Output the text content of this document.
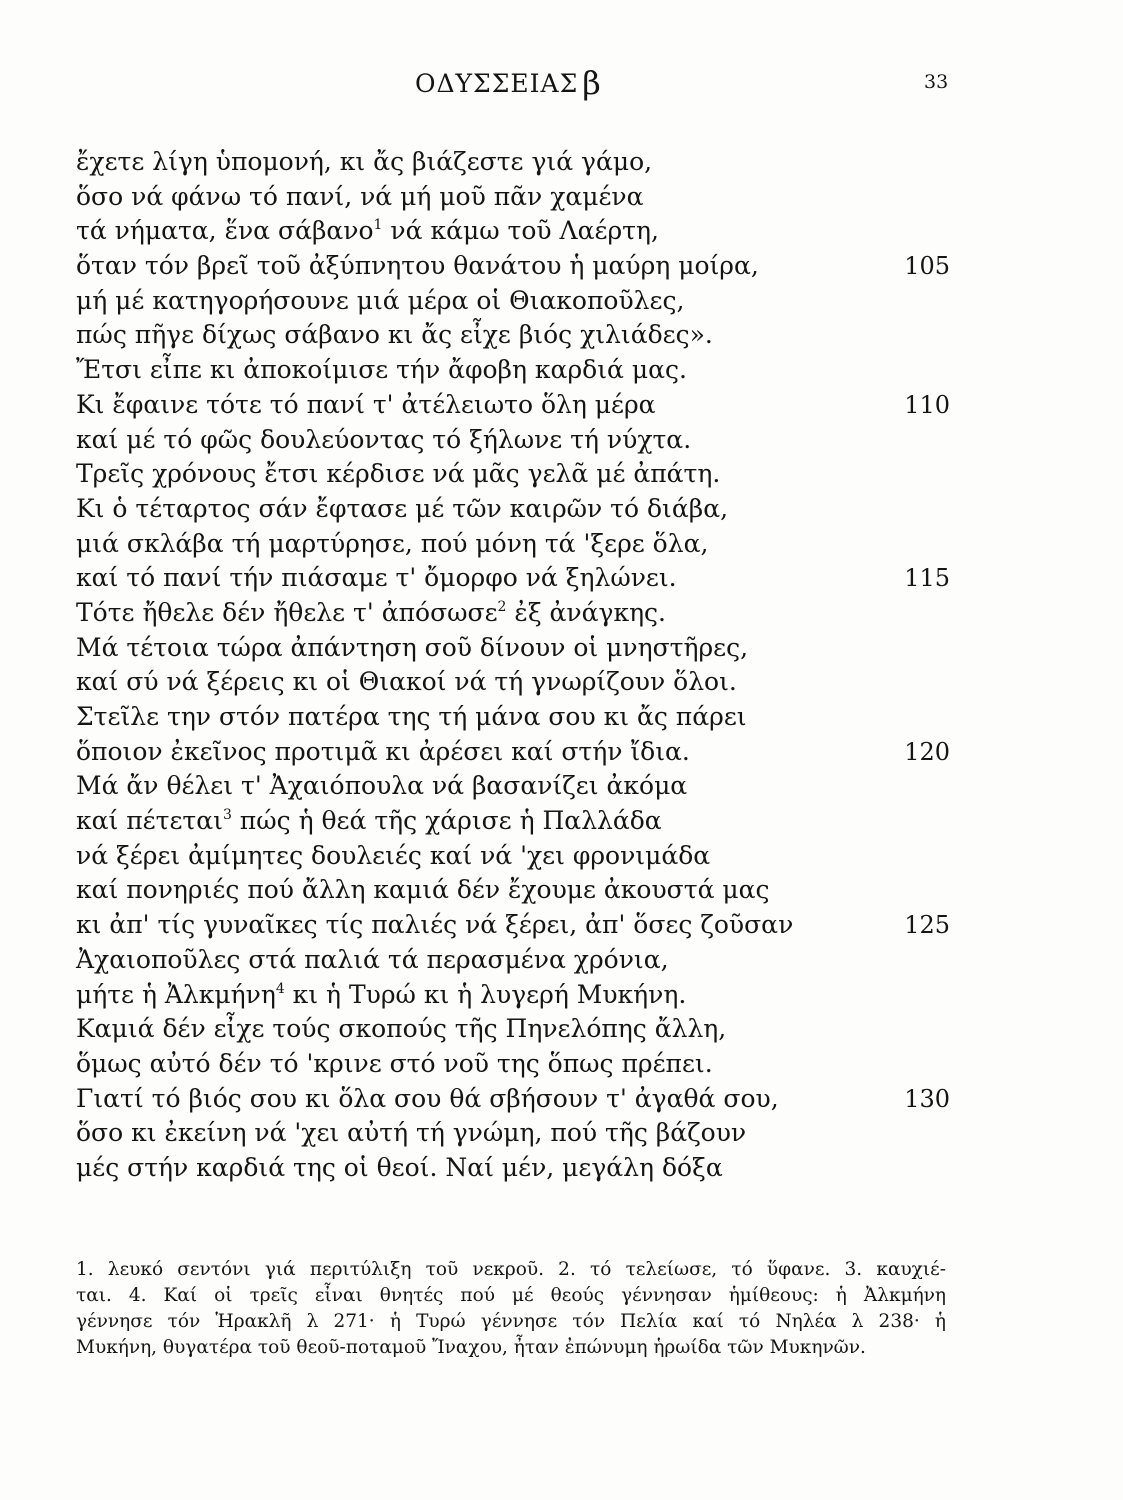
ΟΔΥΣΣΕΙΑΣ β	33
ἔχετε λίγη ὑπομονή, κι ἄς βιάζεστε γιά γάμο,
ὅσο νά φάνω τό πανί, νά μή μοῦ πᾶν χαμένα
τά νήματα, ἕνα σάβανο$^1$ νά κάμω τοῦ Λαέρτη,
ὅταν τόν βρεῖ τοῦ ἀξύπνητου θανάτου ἡ μαύρη μοίρα,	105
μή μέ κατηγορήσουνε μιά μέρα οἱ Θιακοποῦλες,
πώς πῆγε δίχως σάβανο κι ἄς εἶχε βιός χιλιάδες».
Ἔτσι εἶπε κι ἀποκοίμισε τήν ἄφοβη καρδιά μας.
Κι ἔφαινε τότε τό πανί τ' ἀτέλειωτο ὅλη μέρα	110
καί μέ τό φῶς δουλεύοντας τό ξήλωνε τή νύχτα.
Τρεῖς χρόνους ἔτσι κέρδισε νά μᾶς γελᾶ μέ ἀπάτη.
Κι ὁ τέταρτος σάν ἔφτασε μέ τῶν καιρῶν τό διάβα,
μιά σκλάβα τή μαρτύρησε, πού μόνη τά 'ξερε ὅλα,
καί τό πανί τήν πιάσαμε τ' ὄμορφο νά ξηλώνει.	115
Τότε ἤθελε δέν ἤθελε τ' ἀπόσωσε$^2$ ἐξ ἀνάγκης.
Μά τέτοια τώρα ἀπάντηση σοῦ δίνουν οἱ μνηστῆρες,
καί σύ νά ξέρεις κι οἱ Θιακοί νά τή γνωρίζουν ὅλοι.
Στεῖλε την στόν πατέρα της τή μάνα σου κι ἄς πάρει
ὅποιον ἐκεῖνος προτιμᾶ κι ἀρέσει καί στήν ἴδια.	120
Μά ἄν θέλει τ' Ἀχαιόπουλα νά βασανίζει ἀκόμα
καί πέτεται$^3$ πώς ἡ θεά τῆς χάρισε ἡ Παλλάδα
νά ξέρει ἀμίμητες δουλειές καί νά 'χει φρονιμάδα
καί πονηριές πού ἄλλη καμιά δέν ἔχουμε ἀκουστά μας
κι ἀπ' τίς γυναῖκες τίς παλιές νά ξέρει, ἀπ' ὅσες ζοῦσαν	125
Ἀχαιοποῦλες στά παλιά τά περασμένα χρόνια,
μήτε ἡ Ἀλκμήνη$^4$ κι ἡ Τυρώ κι ἡ λυγερή Μυκήνη.
Καμιά δέν εἶχε τούς σκοπούς τῆς Πηνελόπης ἄλλη,
ὅμως αὐτό δέν τό 'κρινε στό νοῦ της ὅπως πρέπει.
Γιατί τό βιός σου κι ὅλα σου θά σβήσουν τ' ἀγαθά σου,	130
ὅσο κι ἐκείνη νά 'χει αὐτή τή γνώμη, πού τῆς βάζουν
μές στήν καρδιά της οἱ θεοί. Ναί μέν, μεγάλη δόξα
1. λευκό σεντόνι γιά περιτύλιξη τοῦ νεκροῦ. 2. τό τελείωσε, τό ὕφανε. 3. καυχιέ-
ται. 4. Καί οἱ τρεῖς εἶναι θνητές πού μέ θεούς γέννησαν ἡμίθεους: ἡ Ἀλκμήνη
γέννησε τόν Ἡρακλῆ λ 271· ἡ Τυρώ γέννησε τόν Πελία καί τό Νηλέα λ 238· ἡ
Μυκήνη, θυγατέρα τοῦ θεοῦ-ποταμοῦ Ἴναχου, ἦταν ἐπώνυμη ἡρωίδα τῶν Μυκηνῶν.
